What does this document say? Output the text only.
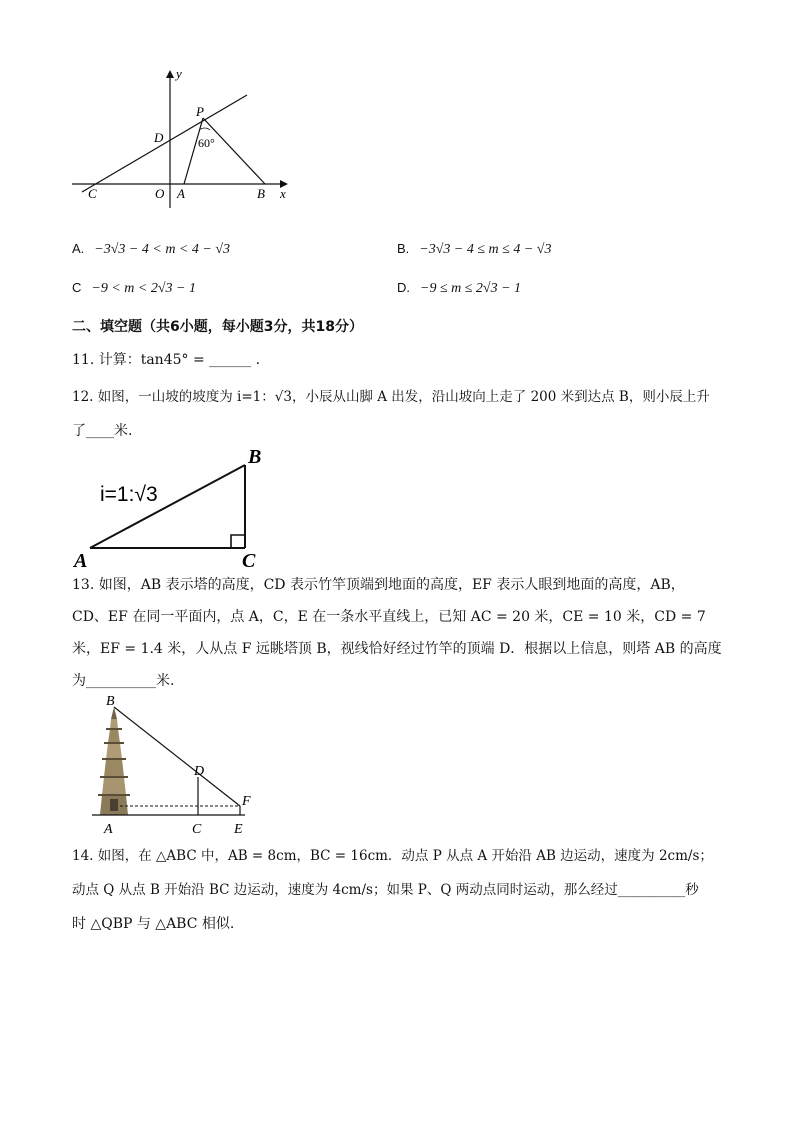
y
x
P
D	60°
C	O A	B
A. −3√3 − 4 < m < 4 − √3	B. −3√3 − 4 ≤ m ≤ 4 − √3
C −9 < m < 2√3 − 1	D. −9 ≤ m ≤ 2√3 − 1
二、填空题（共6小题，每小题3分，共18分）
11. 计算：tan45° = ______ .
12. 如图，一山坡的坡度为 i=1：√3，小辰从山脚 A 出发，沿山坡向上走了 200 米到达点 B，则小辰上升
了____米.
i=1:√3
A
B
C
13. 如图，AB 表示塔的高度，CD 表示竹竿顶端到地面的高度，EF 表示人眼到地面的高度，AB，
CD、EF 在同一平面内，点 A，C，E 在一条水平直线上，已知 AC = 20 米，CE = 10 米，CD = 7
米，EF = 1.4 米，人从点 F 远眺塔顶 B，视线恰好经过竹竿的顶端 D．根据以上信息，则塔 AB 的高度
为__________米.
B
D
F
A	C E
14. 如图，在 △ABC 中，AB = 8cm，BC = 16cm．动点 P 从点 A 开始沿 AB 边运动，速度为 2cm/s；
动点 Q 从点 B 开始沿 BC 边运动，速度为 4cm/s；如果 P、Q 两动点同时运动，那么经过__________秒
时 △QBP 与 △ABC 相似.
